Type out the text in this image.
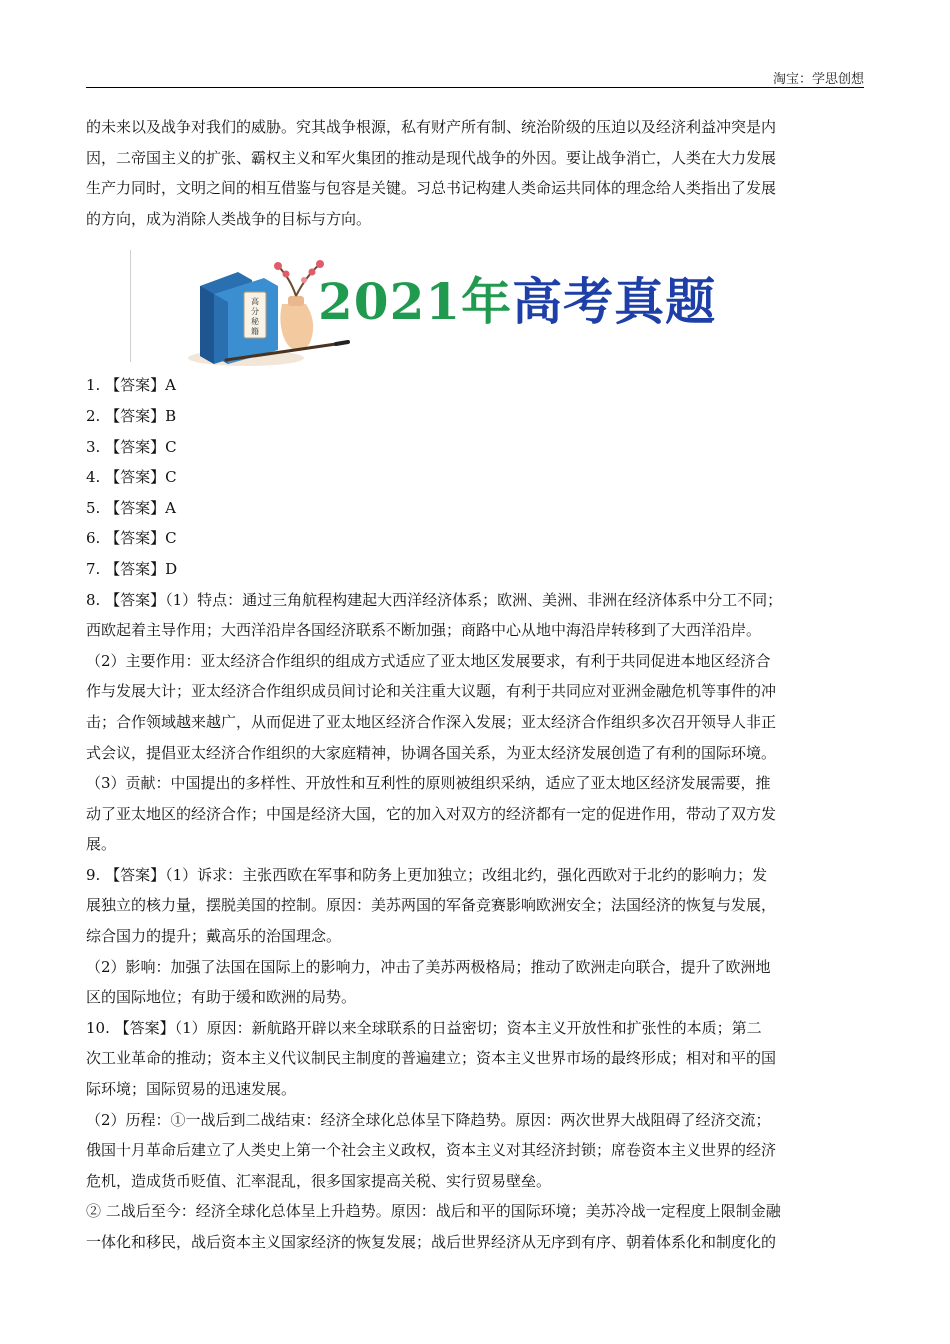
淘宝：学思创想

的未来以及战争对我们的威胁。究其战争根源，私有财产所有制、统治阶级的压迫以及经济利益冲突是内

因，二帝国主义的扩张、霸权主义和军火集团的推动是现代战争的外因。要让战争消亡，人类在大力发展

生产力同时，文明之间的相互借鉴与包容是关键。习总书记构建人类命运共同体的理念给人类指出了发展

的方向，成为消除人类战争的目标与方向。

高
分
秘
籍
2021年高考真题

1. 【答案】A

2. 【答案】B

3. 【答案】C

4. 【答案】C

5. 【答案】A

6. 【答案】C

7. 【答案】D

8. 【答案】（1）特点：通过三角航程构建起大西洋经济体系；欧洲、美洲、非洲在经济体系中分工不同；

西欧起着主导作用；大西洋沿岸各国经济联系不断加强；商路中心从地中海沿岸转移到了大西洋沿岸。

（2）主要作用：亚太经济合作组织的组成方式适应了亚太地区发展要求，有利于共同促进本地区经济合

作与发展大计；亚太经济合作组织成员间讨论和关注重大议题，有利于共同应对亚洲金融危机等事件的冲

击；合作领域越来越广，从而促进了亚太地区经济合作深入发展；亚太经济合作组织多次召开领导人非正

式会议，提倡亚太经济合作组织的大家庭精神，协调各国关系，为亚太经济发展创造了有利的国际环境。

（3）贡献：中国提出的多样性、开放性和互利性的原则被组织采纳，适应了亚太地区经济发展需要，推

动了亚太地区的经济合作；中国是经济大国，它的加入对双方的经济都有一定的促进作用，带动了双方发

展。

9. 【答案】（1）诉求：主张西欧在军事和防务上更加独立；改组北约，强化西欧对于北约的影响力；发

展独立的核力量，摆脱美国的控制。原因：美苏两国的军备竞赛影响欧洲安全；法国经济的恢复与发展，

综合国力的提升；戴高乐的治国理念。

（2）影响：加强了法国在国际上的影响力，冲击了美苏两极格局；推动了欧洲走向联合，提升了欧洲地

区的国际地位；有助于缓和欧洲的局势。

10. 【答案】（1）原因：新航路开辟以来全球联系的日益密切；资本主义开放性和扩张性的本质；第二

次工业革命的推动；资本主义代议制民主制度的普遍建立；资本主义世界市场的最终形成；相对和平的国

际环境；国际贸易的迅速发展。

（2）历程：①一战后到二战结束：经济全球化总体呈下降趋势。原因：两次世界大战阻碍了经济交流；

俄国十月革命后建立了人类史上第一个社会主义政权，资本主义对其经济封锁；席卷资本主义世界的经济

危机，造成货币贬值、汇率混乱，很多国家提高关税、实行贸易壁垒。

② 二战后至今：经济全球化总体呈上升趋势。原因：战后和平的国际环境；美苏冷战一定程度上限制金融

一体化和移民，战后资本主义国家经济的恢复发展；战后世界经济从无序到有序、朝着体系化和制度化的
